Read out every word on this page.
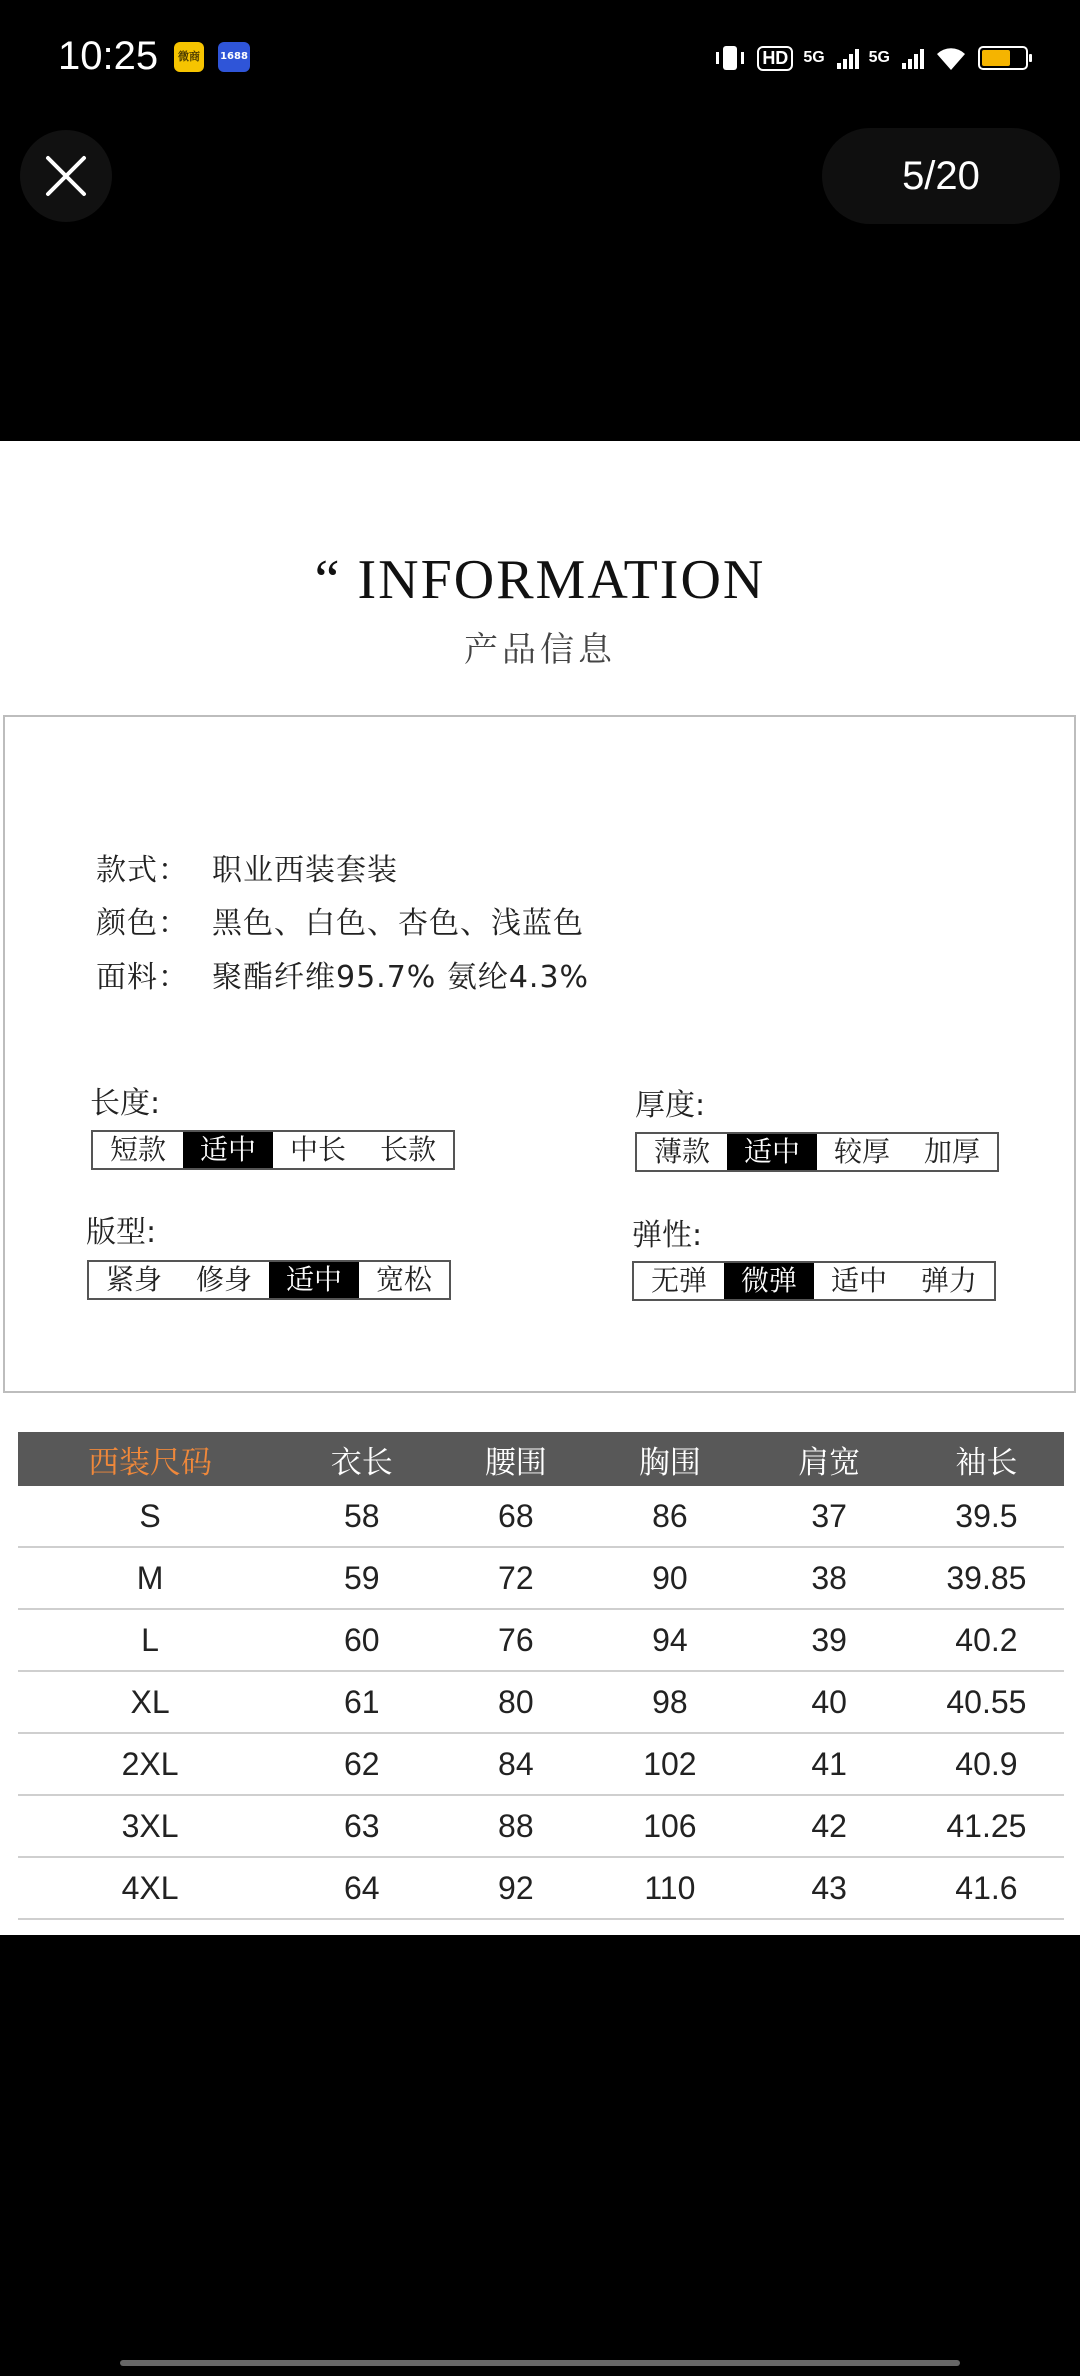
10:25	微商	1688	HD 5G	5G
5/20
“ INFORMATION
产品信息
款式： 职业西装套装
颜色： 黑色、白色、杏色、浅蓝色
面料： 聚酯纤维95.7% 氨纶4.3%
长度:
短款	适中	中长	长款
厚度:
薄款	适中	较厚	加厚
版型:
紧身	修身	适中	宽松
弹性:
无弹	微弹	适中	弹力
西装尺码	衣长	腰围	胸围	肩宽	袖长
S	58	68	86	37	39.5
M	59	72	90	38	39.85
L	60	76	94	39	40.2
XL	61	80	98	40	40.55
2XL	62	84	102	41	40.9
3XL	63	88	106	42	41.25
4XL	64	92	110	43	41.6
